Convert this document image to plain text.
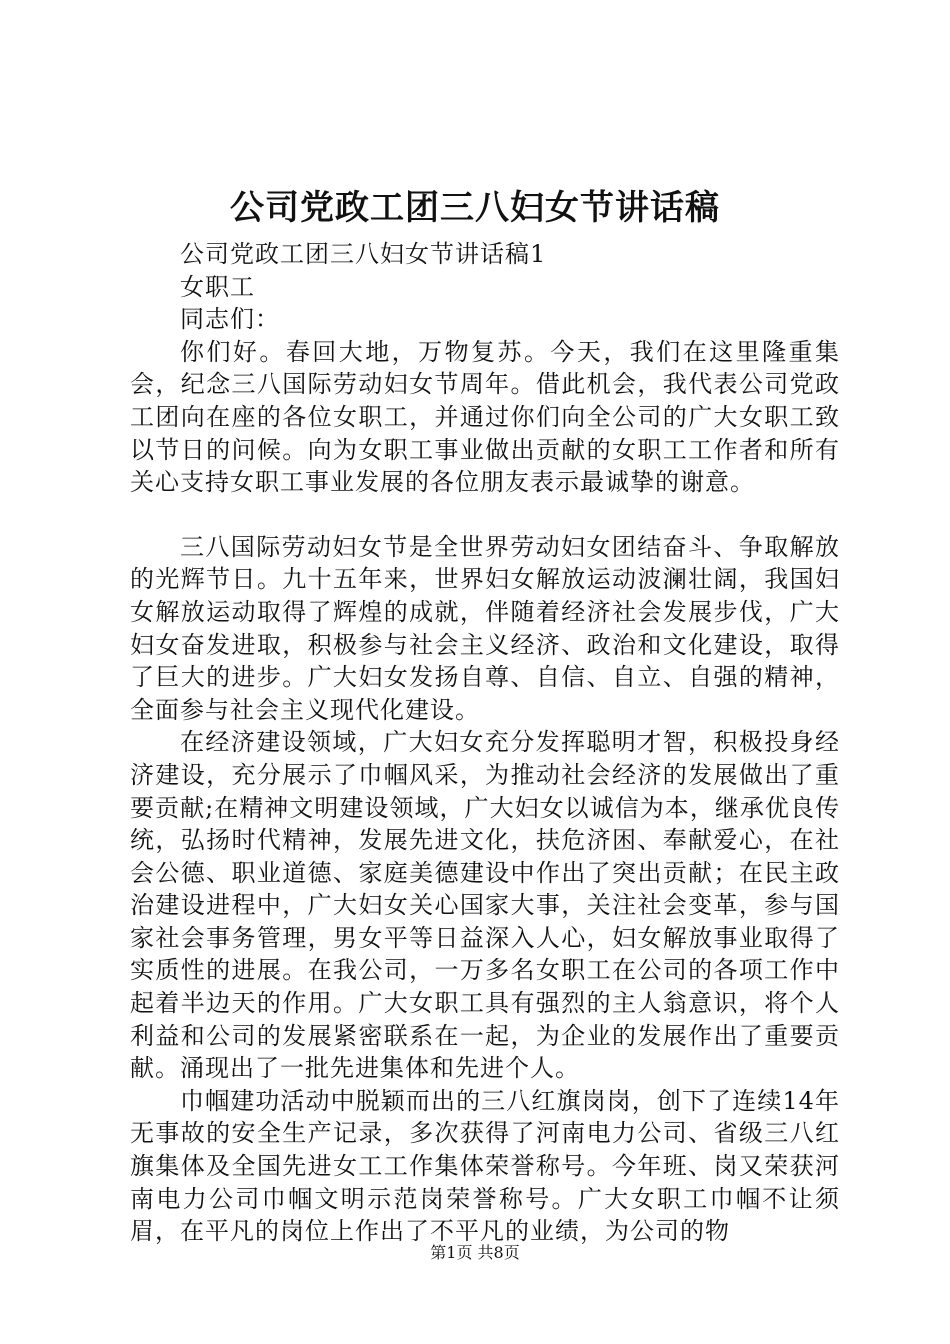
公司党政工团三八妇女节讲话稿

公司党政工团三八妇女节讲话稿1

女职工

同志们：

你们好。春回大地，万物复苏。今天，我们在这里隆重集会，纪念三八国际劳动妇女节周年。借此机会，我代表公司党政工团向在座的各位女职工，并通过你们向全公司的广大女职工致以节日的问候。向为女职工事业做出贡献的女职工工作者和所有关心支持女职工事业发展的各位朋友表示最诚挚的谢意。

三八国际劳动妇女节是全世界劳动妇女团结奋斗、争取解放的光辉节日。九十五年来，世界妇女解放运动波澜壮阔，我国妇女解放运动取得了辉煌的成就，伴随着经济社会发展步伐，广大妇女奋发进取，积极参与社会主义经济、政治和文化建设，取得了巨大的进步。广大妇女发扬自尊、自信、自立、自强的精神，全面参与社会主义现代化建设。

在经济建设领域，广大妇女充分发挥聪明才智，积极投身经济建设，充分展示了巾帼风采，为推动社会经济的发展做出了重要贡献;在精神文明建设领域，广大妇女以诚信为本，继承优良传统，弘扬时代精神，发展先进文化，扶危济困、奉献爱心，在社会公德、职业道德、家庭美德建设中作出了突出贡献；在民主政治建设进程中，广大妇女关心国家大事，关注社会变革，参与国家社会事务管理，男女平等日益深入人心，妇女解放事业取得了实质性的进展。在我公司，一万多名女职工在公司的各项工作中起着半边天的作用。广大女职工具有强烈的主人翁意识，将个人利益和公司的发展紧密联系在一起，为企业的发展作出了重要贡献。涌现出了一批先进集体和先进个人。

巾帼建功活动中脱颖而出的三八红旗岗岗，创下了连续14年无事故的安全生产记录，多次获得了河南电力公司、省级三八红旗集体及全国先进女工工作集体荣誉称号。今年班、岗又荣获河南电力公司巾帼文明示范岗荣誉称号。广大女职工巾帼不让须眉，在平凡的岗位上作出了不平凡的业绩，为公司的物

第1页 共8页
